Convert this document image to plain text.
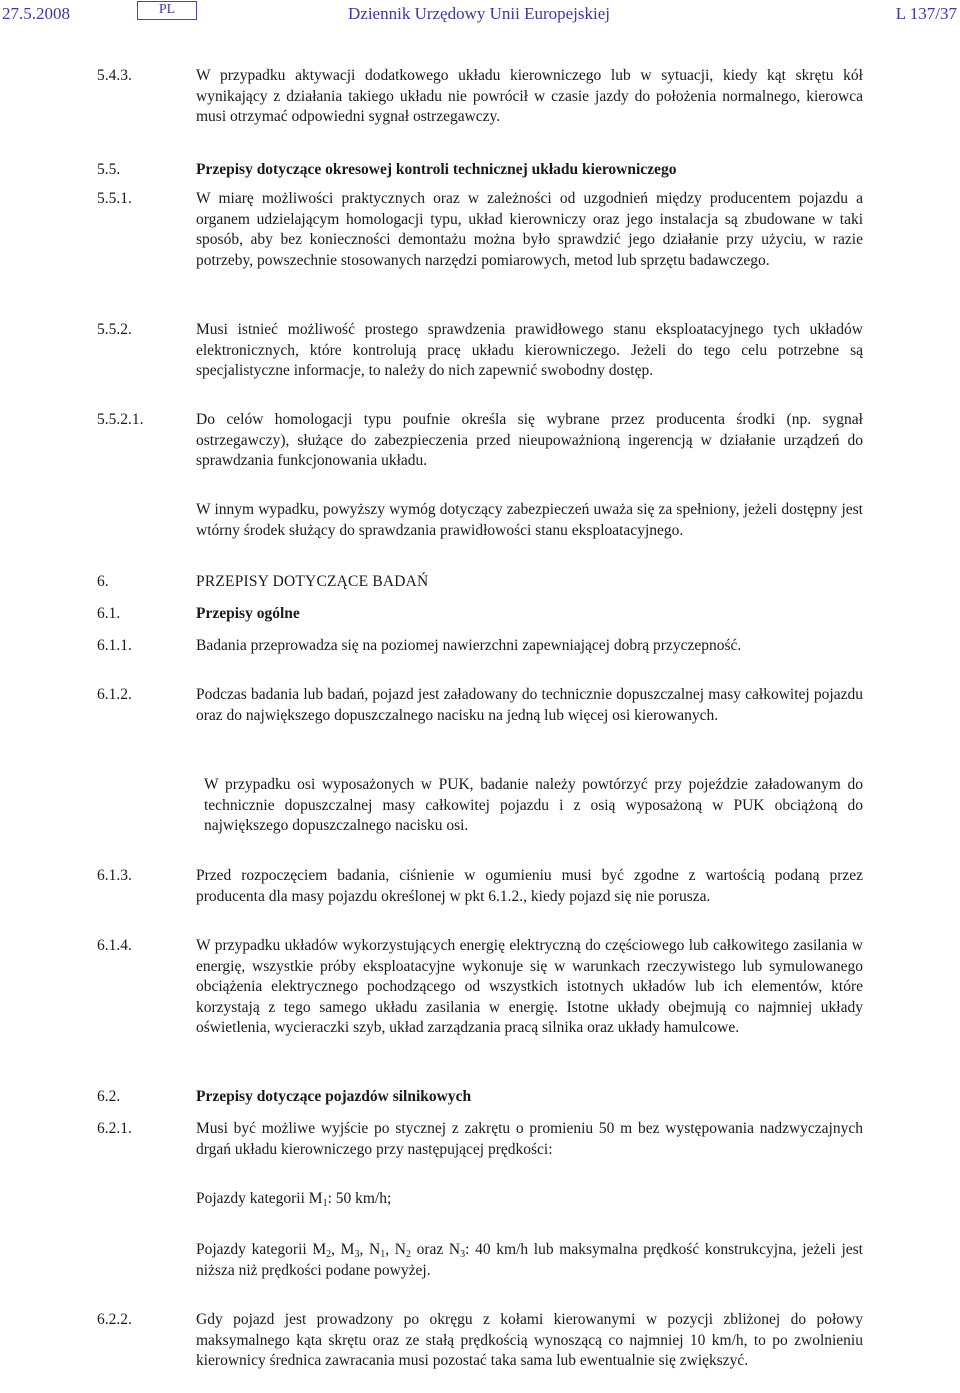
27.5.2008	PL	Dziennik Urzędowy Unii Europejskiej	L 137/37
5.4.3.	W przypadku aktywacji dodatkowego układu kierowniczego lub w sytuacji, kiedy kąt skrętu kół wynikający z działania takiego układu nie powrócił w czasie jazdy do położenia normalnego, kierowca musi otrzymać odpowiedni sygnał ostrzegawczy.
5.5.	Przepisy dotyczące okresowej kontroli technicznej układu kierowniczego
5.5.1.	W miarę możliwości praktycznych oraz w zależności od uzgodnień między producentem pojazdu a organem udzielającym homologacji typu, układ kierowniczy oraz jego instalacja są zbudowane w taki sposób, aby bez konieczności demontażu można było sprawdzić jego działanie przy użyciu, w razie potrzeby, powszechnie stosowanych narzędzi pomiarowych, metod lub sprzętu badawczego.
5.5.2.	Musi istnieć możliwość prostego sprawdzenia prawidłowego stanu eksploatacyjnego tych układów elektronicznych, które kontrolują pracę układu kierowniczego. Jeżeli do tego celu potrzebne są specjalistyczne informacje, to należy do nich zapewnić swobodny dostęp.
5.5.2.1.	Do celów homologacji typu poufnie określa się wybrane przez producenta środki (np. sygnał ostrzegawczy), służące do zabezpieczenia przed nieupoważnioną ingerencją w działanie urządzeń do sprawdzania funkcjonowania układu.
W innym wypadku, powyższy wymóg dotyczący zabezpieczeń uważa się za spełniony, jeżeli dostępny jest wtórny środek służący do sprawdzania prawidłowości stanu eksploatacyjnego.
6.	PRZEPISY DOTYCZĄCE BADAŃ
6.1.	Przepisy ogólne
6.1.1.	Badania przeprowadza się na poziomej nawierzchni zapewniającej dobrą przyczepność.
6.1.2.	Podczas badania lub badań, pojazd jest załadowany do technicznie dopuszczalnej masy całkowitej pojazdu oraz do największego dopuszczalnego nacisku na jedną lub więcej osi kierowanych.
W przypadku osi wyposażonych w PUK, badanie należy powtórzyć przy pojeździe załadowanym do technicznie dopuszczalnej masy całkowitej pojazdu i z osią wyposażoną w PUK obciążoną do największego dopuszczalnego nacisku osi.
6.1.3.	Przed rozpoczęciem badania, ciśnienie w ogumieniu musi być zgodne z wartością podaną przez producenta dla masy pojazdu określonej w pkt 6.1.2., kiedy pojazd się nie porusza.
6.1.4.	W przypadku układów wykorzystujących energię elektryczną do częściowego lub całkowitego zasilania w energię, wszystkie próby eksploatacyjne wykonuje się w warunkach rzeczywistego lub symulowanego obciążenia elektrycznego pochodzącego od wszystkich istotnych układów lub ich elementów, które korzystają z tego samego układu zasilania w energię. Istotne układy obejmują co najmniej układy oświetlenia, wycieraczki szyb, układ zarządzania pracą silnika oraz układy hamulcowe.
6.2.	Przepisy dotyczące pojazdów silnikowych
6.2.1.	Musi być możliwe wyjście po stycznej z zakrętu o promieniu 50 m bez występowania nadzwyczajnych drgań układu kierowniczego przy następującej prędkości:
Pojazdy kategorii $M_1$: 50 km/h;
Pojazdy kategorii $M_2$, $M_3$, $N_1$, $N_2$ oraz $N_3$: 40 km/h lub maksymalna prędkość konstrukcyjna, jeżeli jest niższa niż prędkości podane powyżej.
6.2.2.	Gdy pojazd jest prowadzony po okręgu z kołami kierowanymi w pozycji zbliżonej do połowy maksymalnego kąta skrętu oraz ze stałą prędkością wynoszącą co najmniej 10 km/h, to po zwolnieniu kierownicy średnica zawracania musi pozostać taka sama lub ewentualnie się zwiększyć.
